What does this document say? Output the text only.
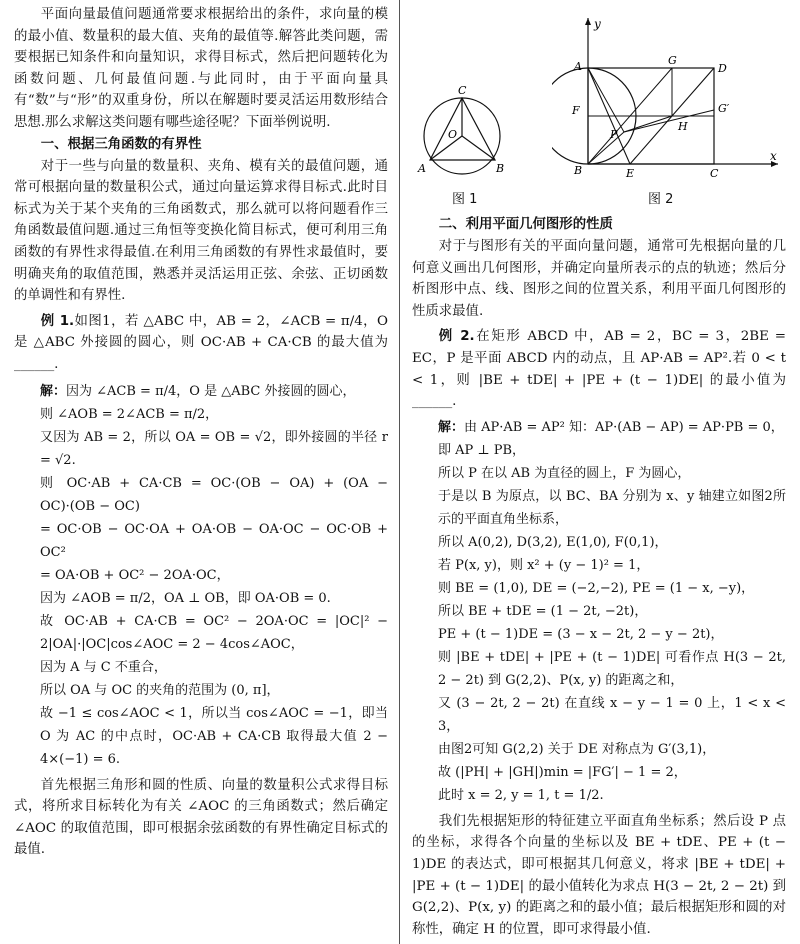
平面向量最值问题通常要求根据给出的条件，求向量的模的最小值、数量积的最大值、夹角的最值等.解答此类问题，需要根据已知条件和向量知识，求得目标式，然后把问题转化为函数问题、几何最值问题.与此同时，由于平面向量具有“数”与“形”的双重身份，所以在解题时要灵活运用数形结合思想.那么求解这类问题有哪些途径呢？下面举例说明.

一、根据三角函数的有界性

对于一些与向量的数量积、夹角、模有关的最值问题，通常可根据向量的数量积公式，通过向量运算求得目标式.此时目标式为关于某个夹角的三角函数式，那么就可以将问题看作三角函数最值问题.通过三角恒等变换化简目标式，便可利用三角函数的有界性求得最值.在利用三角函数的有界性求最值时，要明确夹角的取值范围，熟悉并灵活运用正弦、余弦、正切函数的单调性和有界性.

例 1.如图1，若 △ABC 中，AB = 2，∠ACB = π/4，O 是 △ABC 外接圆的圆心，则 OC·AB + CA·CB 的最大值为______.

解：因为 ∠ACB = π/4，O 是 △ABC 外接圆的圆心，

则 ∠AOB = 2∠ACB = π/2，

又因为 AB = 2，所以 OA = OB = √2，即外接圆的半径 r = √2.

则 OC·AB + CA·CB = OC·(OB − OA) + (OA − OC)·(OB − OC)

= OC·OB − OC·OA + OA·OB − OA·OC − OC·OB + OC²

= OA·OB + OC² − 2OA·OC，

因为 ∠AOB = π/2，OA ⊥ OB，即 OA·OB = 0.

故 OC·AB + CA·CB = OC² − 2OA·OC = |OC|² − 2|OA|·|OC|cos∠AOC = 2 − 4cos∠AOC，

因为 A 与 C 不重合，

所以 OA 与 OC 的夹角的范围为 (0, π]，

故 −1 ≤ cos∠AOC < 1，所以当 cos∠AOC = −1，即当 O 为 AC 的中点时，OC·AB + CA·CB 取得最大值 2 − 4×(−1) = 6.

首先根据三角形和圆的性质、向量的数量积公式求得目标式，将所求目标转化为有关 ∠AOC 的三角函数式；然后确定 ∠AOC 的取值范围，即可根据余弦函数的有界性确定目标式的最值.

C
O
A	B
y
x
A
B	C
D
E
F
G
G′
H
P
图 1	图 2
二、利用平面几何图形的性质

对于与图形有关的平面向量问题，通常可先根据向量的几何意义画出几何图形，并确定向量所表示的点的轨迹；然后分析图形中点、线、图形之间的位置关系，利用平面几何图形的性质求最值.

例 2.在矩形 ABCD 中，AB = 2，BC = 3，2BE = EC，P 是平面 ABCD 内的动点，且 AP·AB = AP².若 0 < t < 1，则 |BE + tDE| + |PE + (t − 1)DE| 的最小值为______.

解：由 AP·AB = AP² 知：AP·(AB − AP) = AP·PB = 0，

即 AP ⊥ PB，

所以 P 在以 AB 为直径的圆上，F 为圆心，

于是以 B 为原点，以 BC、BA 分别为 x、y 轴建立如图2所示的平面直角坐标系，

所以 A(0,2), D(3,2), E(1,0), F(0,1)，

若 P(x, y)，则 x² + (y − 1)² = 1，

则 BE = (1,0), DE = (−2,−2), PE = (1 − x, −y)，

所以 BE + tDE = (1 − 2t, −2t)，

PE + (t − 1)DE = (3 − x − 2t, 2 − y − 2t)，

则 |BE + tDE| + |PE + (t − 1)DE| 可看作点 H(3 − 2t, 2 − 2t) 到 G(2,2)、P(x, y) 的距离之和，

又 (3 − 2t, 2 − 2t) 在直线 x − y − 1 = 0 上，1 < x < 3，

由图2可知 G(2,2) 关于 DE 对称点为 G′(3,1)，

故 (|PH| + |GH|)min = |FG′| − 1 = 2，

此时 x = 2, y = 1, t = 1/2.

我们先根据矩形的特征建立平面直角坐标系；然后设 P 点的坐标，求得各个向量的坐标以及 BE + tDE、PE + (t − 1)DE 的表达式，即可根据其几何意义，将求 |BE + tDE| + |PE + (t − 1)DE| 的最小值转化为求点 H(3 − 2t, 2 − 2t) 到 G(2,2)、P(x, y) 的距离之和的最小值；最后根据矩形和圆的对称性，确定 H 的位置，即可求得最小值.
